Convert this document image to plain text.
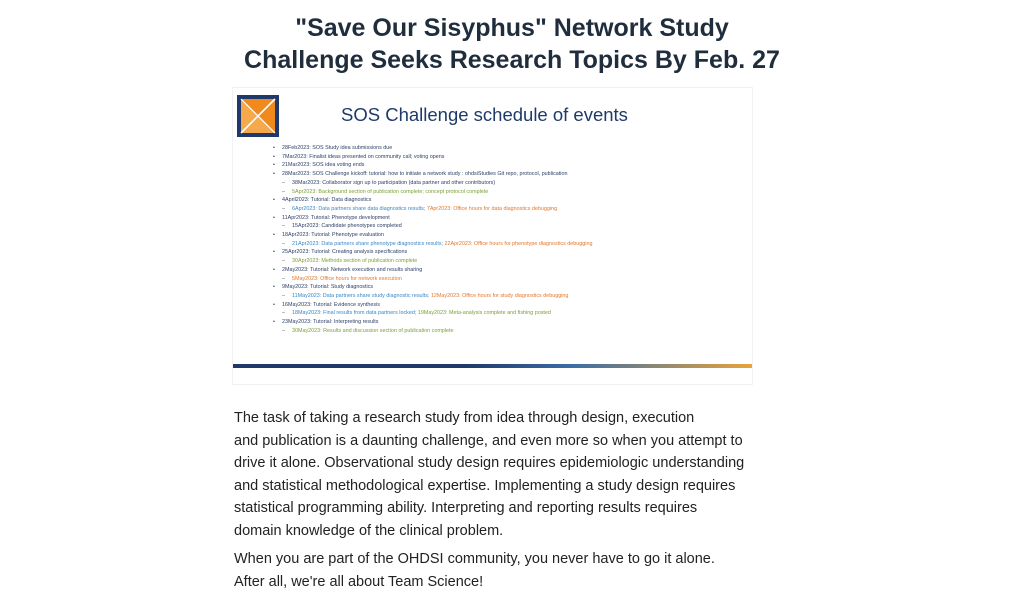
"Save Our Sisyphus" Network Study
Challenge Seeks Research Topics By Feb. 27
SOS Challenge schedule of events
• 28Feb2023: SOS Study idea submissions due
• 7Mar2023: Finalist ideas presented on community call; voting opens
• 21Mar2023: SOS idea voting ends
• 28Mar2023: SOS Challenge kickoff: tutorial: how to initiate a network study : ohdsiStudies Git repo, protocol, publication
– 38Mar2023: Collaborator sign up to participation (data partner and other contributors)
– 5Apr2023: Background section of publication complete; concept protocol complete
• 4April2023: Tutorial: Data diagnostics
– 6Apr2023: Data partners share data diagnostics results; 7Apr2023: Office hours for data diagnostics debugging
• 11Apr2023: Tutorial: Phenotype development
– 15Apr2023: Candidate phenotypes completed
• 18Apr2023: Tutorial: Phenotype evaluation
– 21Apr2023: Data partners share phenotype diagnostics results; 22Apr2023: Office hours for phenotype diagnostics debugging
• 25Apr2023: Tutorial: Creating analysis specifications
– 30Apr2023: Methods section of publication complete
• 2May2023: Tutorial: Network execution and results sharing
– 5May2023: Office hours for network execution
• 9May2023: Tutorial: Study diagnostics
– 11May2023: Data partners share study diagnostic results; 12May2023: Office hours for study diagnostics debugging
• 16May2023: Tutorial: Evidence synthesis
– 18May2023: Final results from data partners locked; 19May2023: Meta-analysis complete and fishing posted
• 23May2023: Tutorial: Interpreting results
– 30May2023: Results and discussion section of publication complete

The task of taking a research study from idea through design, execution
and publication is a daunting challenge, and even more so when you attempt to
drive it alone. Observational study design requires epidemiologic understanding
and statistical methodological expertise. Implementing a study design requires
statistical programming ability. Interpreting and reporting results requires
domain knowledge of the clinical problem.

When you are part of the OHDSI community, you never have to go it alone.
After all, we're all about Team Science!
